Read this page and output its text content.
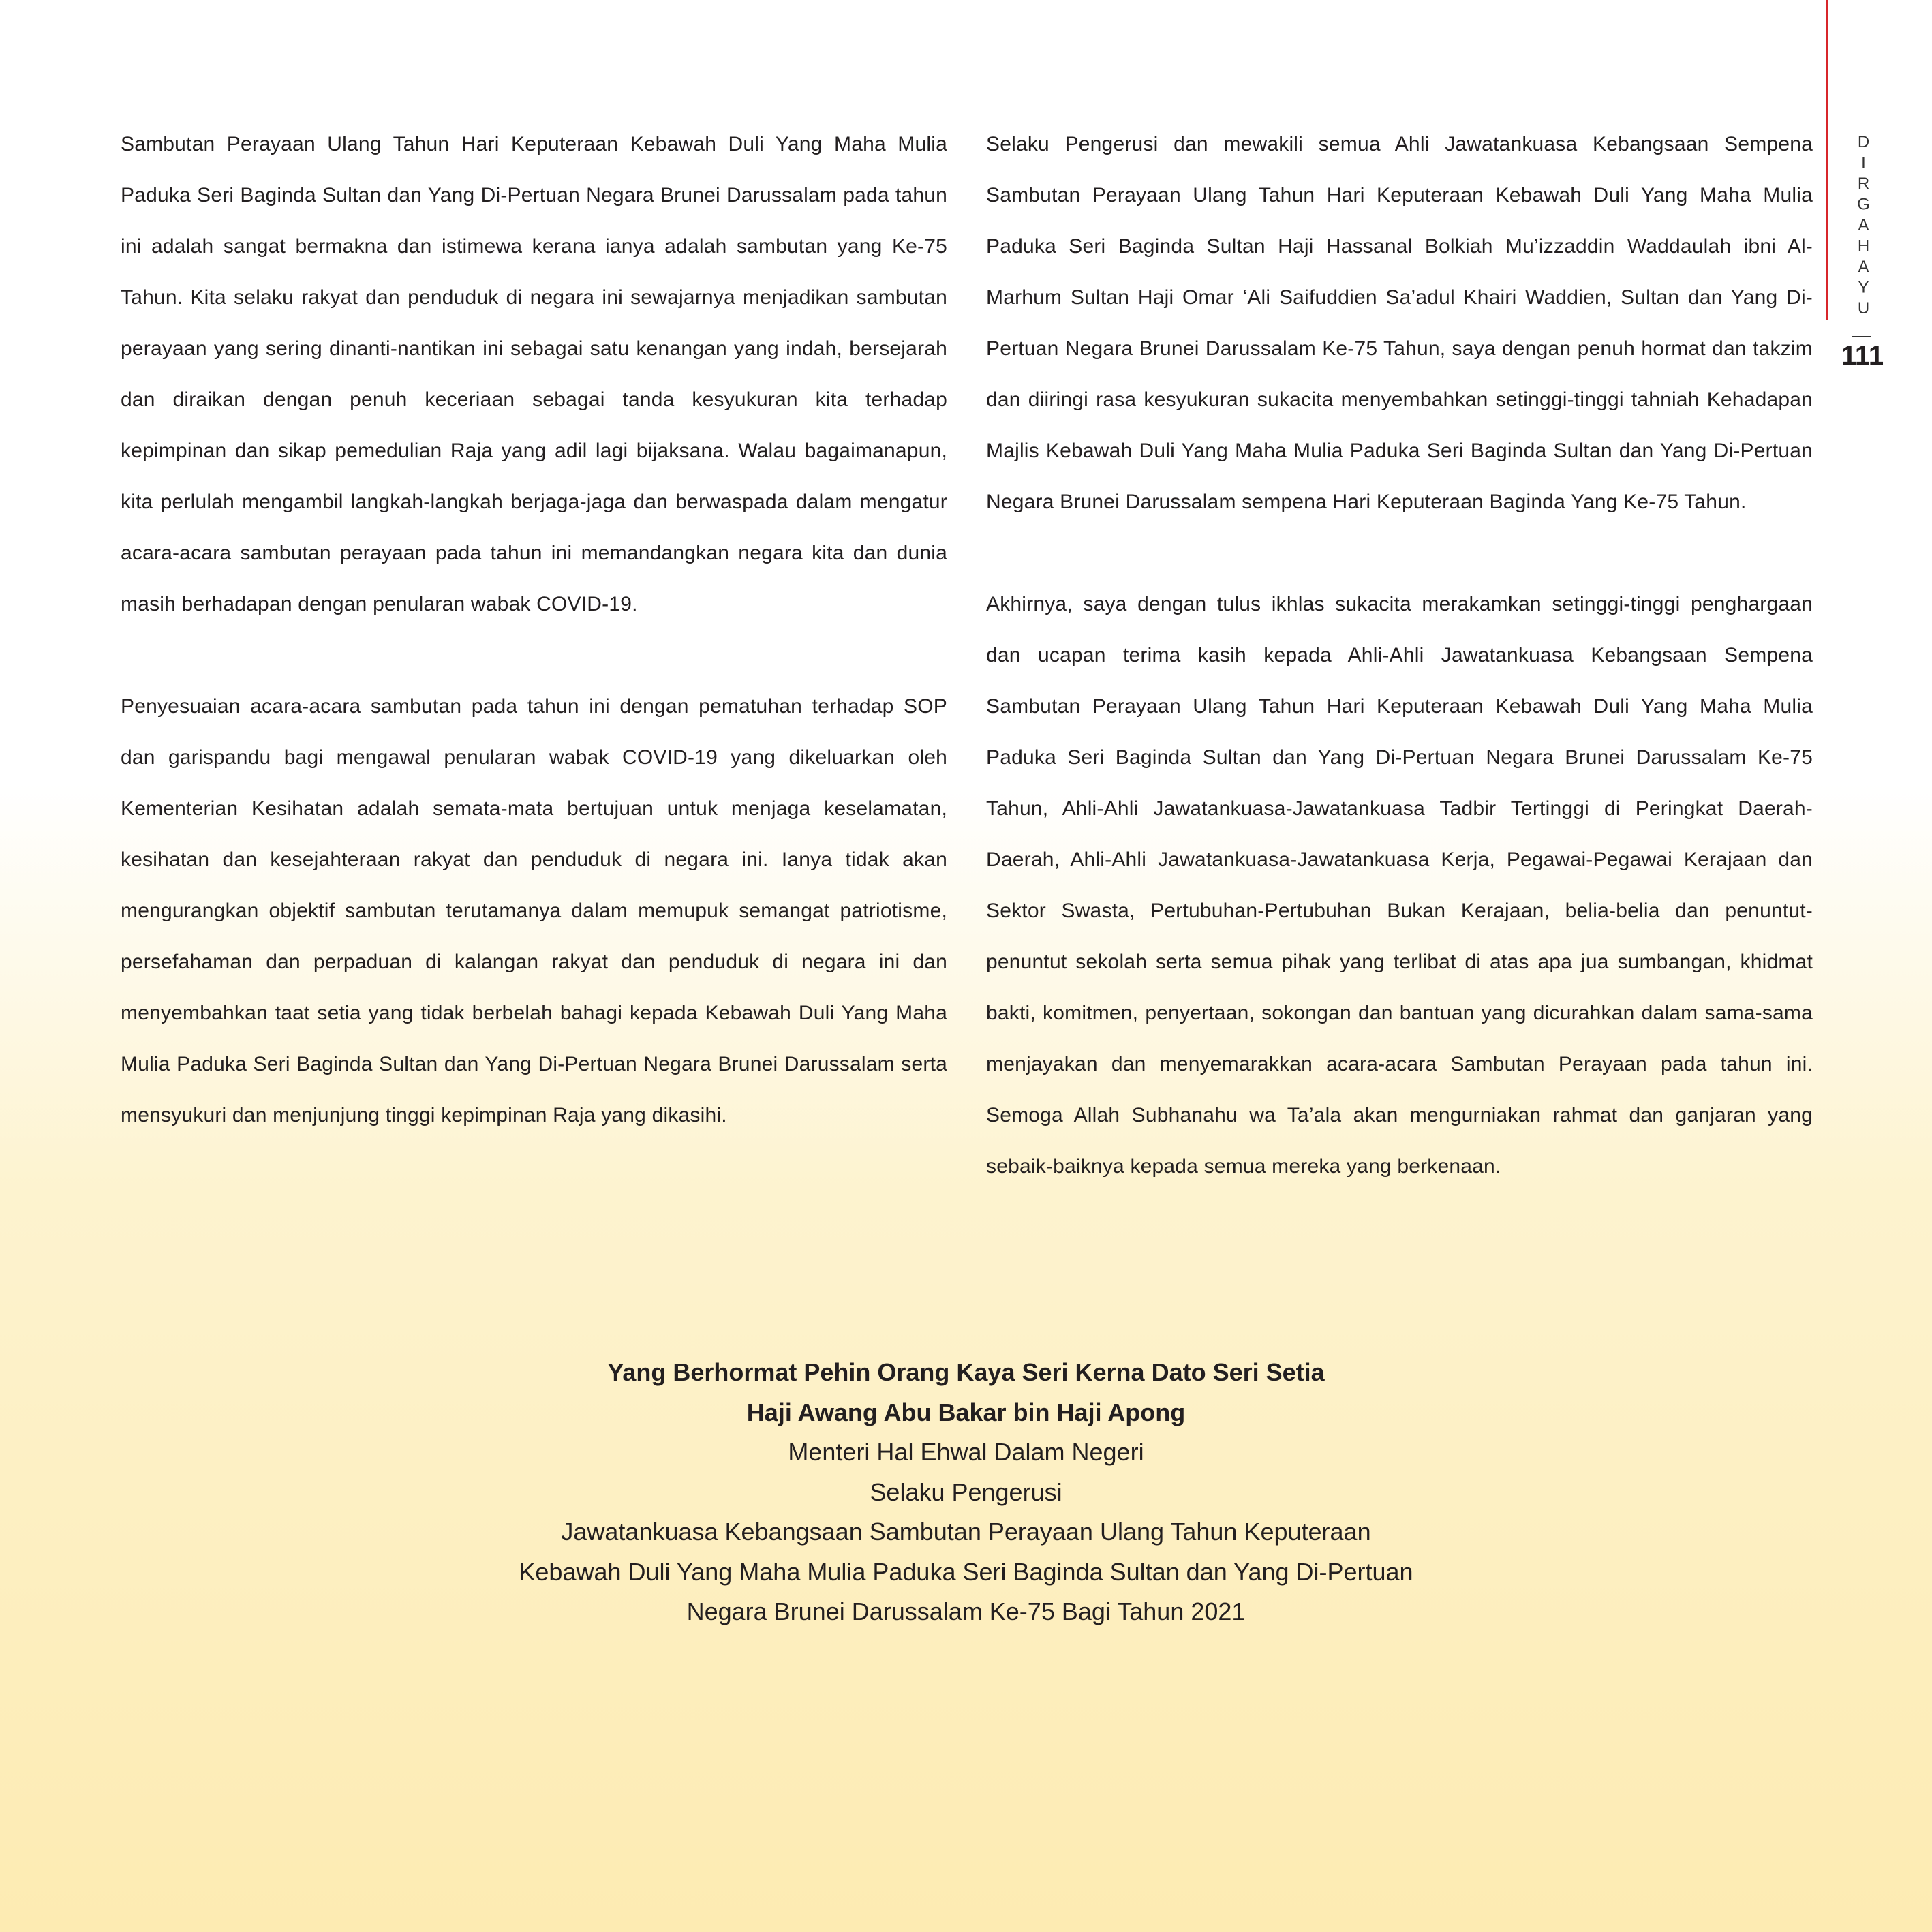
DIRGAHAYU
111

Sambutan Perayaan Ulang Tahun Hari Keputeraan Kebawah Duli Yang Maha Mulia Paduka Seri Baginda Sultan dan Yang Di-Pertuan Negara Brunei Darussalam pada tahun ini adalah sangat bermakna dan istimewa kerana ianya adalah sambutan yang Ke-75 Tahun. Kita selaku rakyat dan penduduk di negara ini sewajarnya menjadikan sambutan perayaan yang sering dinanti-nantikan ini sebagai satu kenangan yang indah, bersejarah dan diraikan dengan penuh keceriaan sebagai tanda kesyukuran kita terhadap kepimpinan dan sikap pemedulian Raja yang adil lagi bijaksana. Walau bagaimanapun, kita perlulah mengambil langkah-langkah berjaga-jaga dan berwaspada dalam mengatur acara-acara sambutan perayaan pada tahun ini memandangkan negara kita dan dunia masih berhadapan dengan penularan wabak COVID-19.

Penyesuaian acara-acara sambutan pada tahun ini dengan pematuhan terhadap SOP dan garispandu bagi mengawal penularan wabak COVID-19 yang dikeluarkan oleh Kementerian Kesihatan adalah semata-mata bertujuan untuk menjaga keselamatan, kesihatan dan kesejahteraan rakyat dan penduduk di negara ini. Ianya tidak akan mengurangkan objektif sambutan terutamanya dalam memupuk semangat patriotisme, persefahaman dan perpaduan di kalangan rakyat dan penduduk di negara ini dan menyembahkan taat setia yang tidak berbelah bahagi kepada Kebawah Duli Yang Maha Mulia Paduka Seri Baginda Sultan dan Yang Di-Pertuan Negara Brunei Darussalam serta mensyukuri dan menjunjung tinggi kepimpinan Raja yang dikasihi.

Selaku Pengerusi dan mewakili semua Ahli Jawatankuasa Kebangsaan Sempena Sambutan Perayaan Ulang Tahun Hari Keputeraan Kebawah Duli Yang Maha Mulia Paduka Seri Baginda Sultan Haji Hassanal Bolkiah Mu’izzaddin Waddaulah ibni Al-Marhum Sultan Haji Omar ‘Ali Saifuddien Sa’adul Khairi Waddien, Sultan dan Yang Di-Pertuan Negara Brunei Darussalam Ke-75 Tahun, saya dengan penuh hormat dan takzim dan diiringi rasa kesyukuran sukacita menyembahkan setinggi-tinggi tahniah Kehadapan Majlis Kebawah Duli Yang Maha Mulia Paduka Seri Baginda Sultan dan Yang Di-Pertuan Negara Brunei Darussalam sempena Hari Keputeraan Baginda Yang Ke-75 Tahun.

Akhirnya, saya dengan tulus ikhlas sukacita merakamkan setinggi-tinggi penghargaan dan ucapan terima kasih kepada Ahli-Ahli Jawatankuasa Kebangsaan Sempena Sambutan Perayaan Ulang Tahun Hari Keputeraan Kebawah Duli Yang Maha Mulia Paduka Seri Baginda Sultan dan Yang Di-Pertuan Negara Brunei Darussalam Ke-75 Tahun, Ahli-Ahli Jawatankuasa-Jawatankuasa Tadbir Tertinggi di Peringkat Daerah-Daerah, Ahli-Ahli Jawatankuasa-Jawatankuasa Kerja, Pegawai-Pegawai Kerajaan dan Sektor Swasta, Pertubuhan-Pertubuhan Bukan Kerajaan, belia-belia dan penuntut-penuntut sekolah serta semua pihak yang terlibat di atas apa jua sumbangan, khidmat bakti, komitmen, penyertaan, sokongan dan bantuan yang dicurahkan dalam sama-sama menjayakan dan menyemarakkan acara-acara Sambutan Perayaan pada tahun ini. Semoga Allah Subhanahu wa Ta’ala akan mengurniakan rahmat dan ganjaran yang sebaik-baiknya kepada semua mereka yang berkenaan.

Yang Berhormat Pehin Orang Kaya Seri Kerna Dato Seri Setia
Haji Awang Abu Bakar bin Haji Apong
Menteri Hal Ehwal Dalam Negeri
Selaku Pengerusi
Jawatankuasa Kebangsaan Sambutan Perayaan Ulang Tahun Keputeraan
Kebawah Duli Yang Maha Mulia Paduka Seri Baginda Sultan dan Yang Di-Pertuan
Negara Brunei Darussalam Ke-75 Bagi Tahun 2021
